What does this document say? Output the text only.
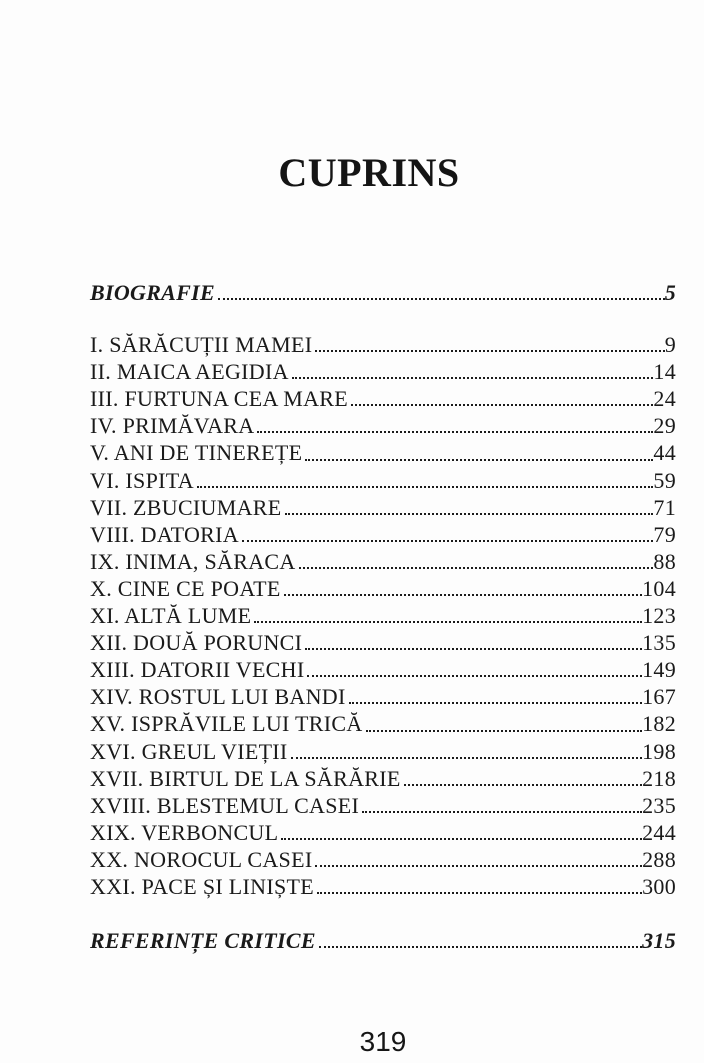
CUPRINS
BIOGRAFIE	5
I. SĂRĂCUȚII MAMEI	9
II. MAICA AEGIDIA	14
III. FURTUNA CEA MARE	24
IV. PRIMĂVARA	29
V. ANI DE TINEREȚE	44
VI. ISPITA	59
VII. ZBUCIUMARE	71
VIII. DATORIA	79
IX. INIMA, SĂRACA	88
X. CINE CE POATE	104
XI. ALTĂ LUME	123
XII. DOUĂ PORUNCI	135
XIII. DATORII VECHI	149
XIV. ROSTUL LUI BANDI	167
XV. ISPRĂVILE LUI TRICĂ	182
XVI. GREUL VIEȚII	198
XVII. BIRTUL DE LA SĂRĂRIE	218
XVIII. BLESTEMUL CASEI	235
XIX. VERBONCUL	244
XX. NOROCUL CASEI	288
XXI. PACE ȘI LINIȘTE	300
REFERINȚE CRITICE	315
319
